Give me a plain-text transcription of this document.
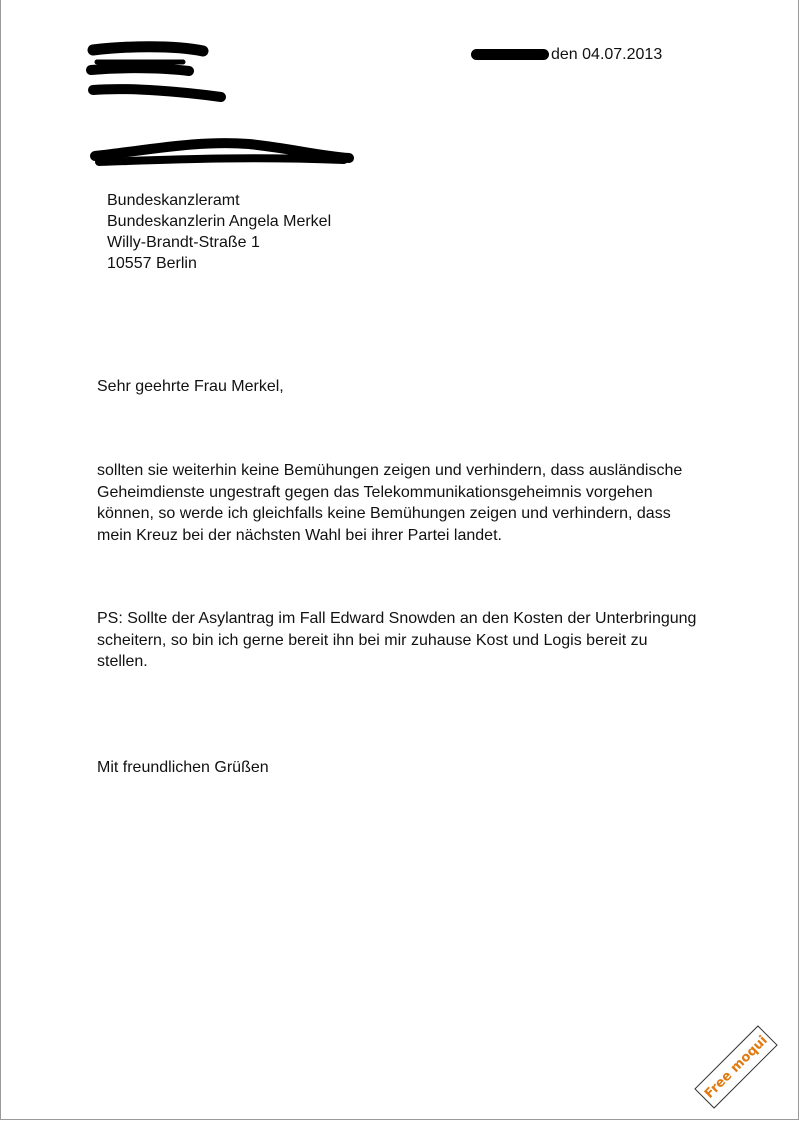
den 04.07.2013
Bundeskanzleramt
Bundeskanzlerin Angela Merkel
Willy-Brandt-Straße 1
10557 Berlin
Sehr geehrte Frau Merkel,
sollten sie weiterhin keine Bemühungen zeigen und verhindern, dass ausländische
Geheimdienste ungestraft gegen das Telekommunikationsgeheimnis vorgehen
können, so werde ich gleichfalls keine Bemühungen zeigen und verhindern, dass
mein Kreuz bei der nächsten Wahl bei ihrer Partei landet.
PS: Sollte der Asylantrag im Fall Edward Snowden an den Kosten der Unterbringung
scheitern, so bin ich gerne bereit ihn bei mir zuhause Kost und Logis bereit zu
stellen.
Mit freundlichen Grüßen
Free moqui
